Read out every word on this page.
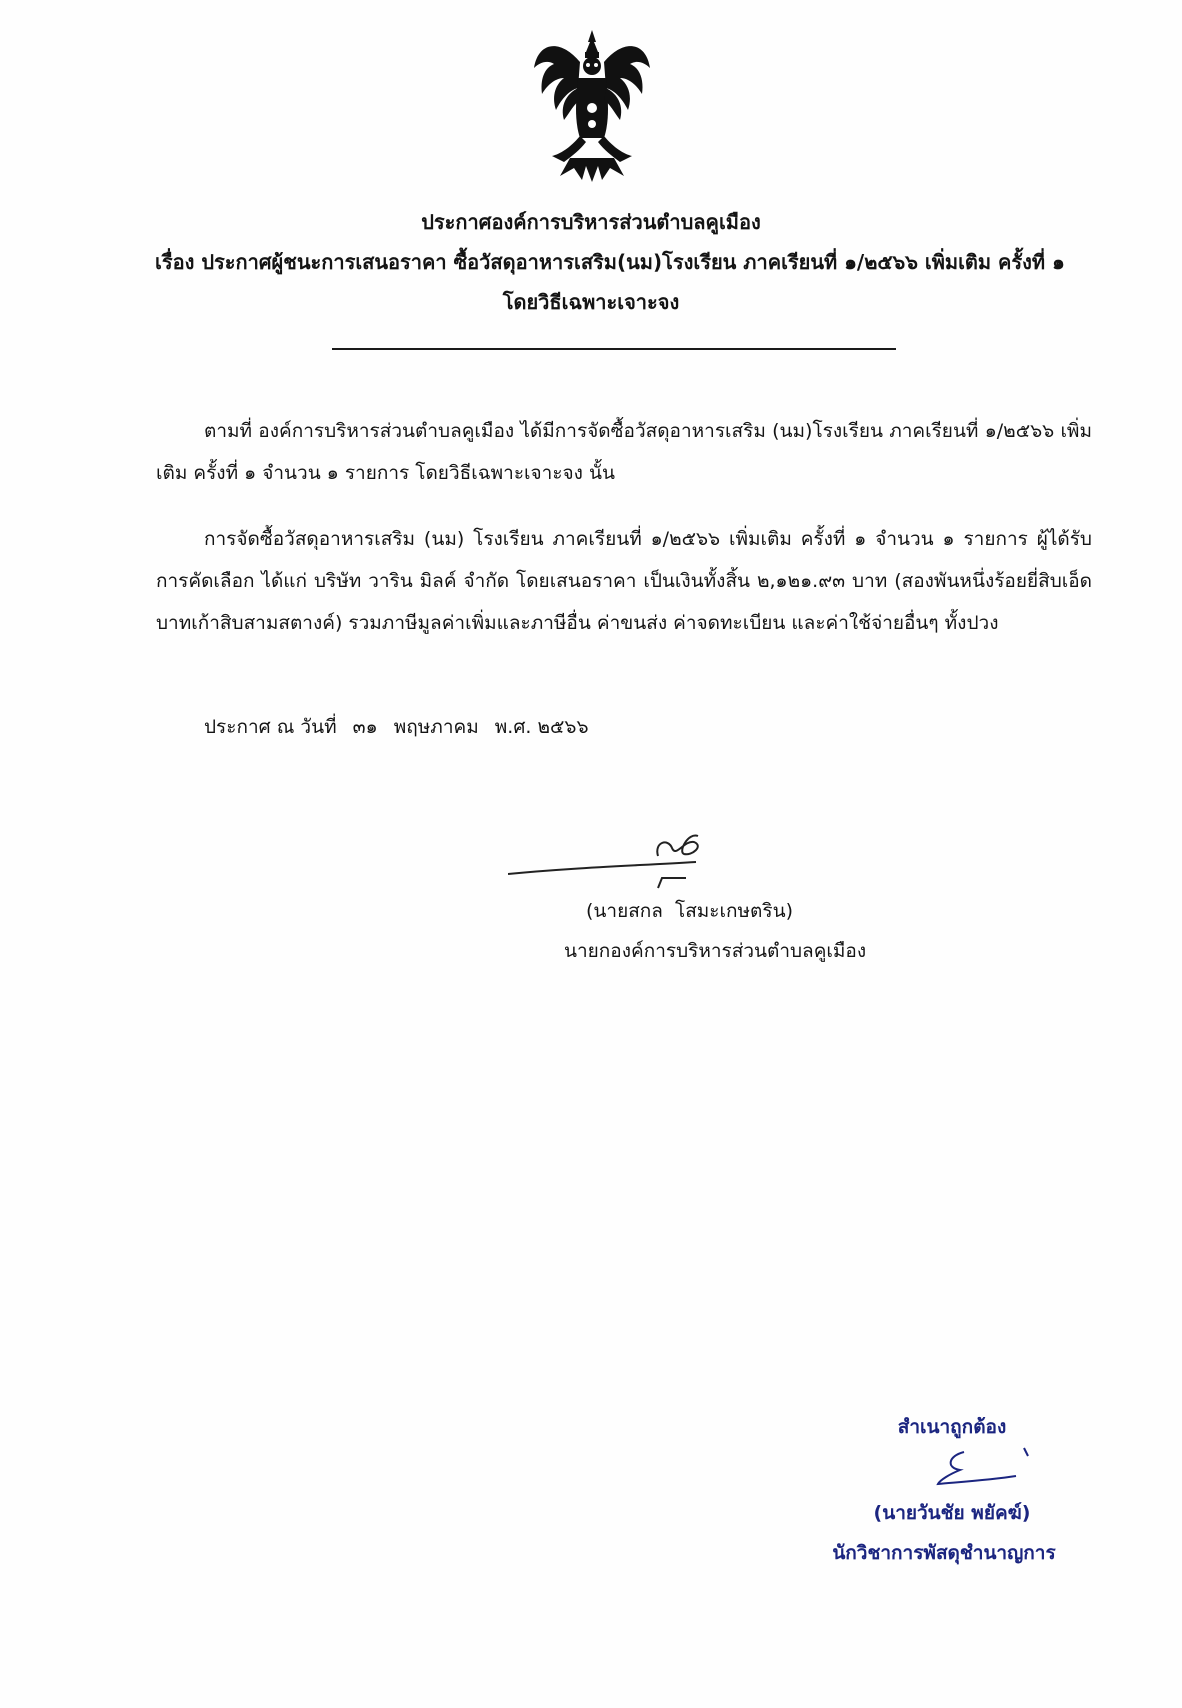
ประกาศองค์การบริหารส่วนตำบลคูเมือง
เรื่อง ประกาศผู้ชนะการเสนอราคา ซื้อวัสดุอาหารเสริม(นม)โรงเรียน ภาคเรียนที่ ๑/๒๕๖๖ เพิ่มเติม ครั้งที่ ๑
โดยวิธีเฉพาะเจาะจง
ตามที่ องค์การบริหารส่วนตำบลคูเมือง ได้มีการจัดซื้อวัสดุอาหารเสริม (นม)โรงเรียน ภาคเรียนที่ ๑/๒๕๖๖ เพิ่มเติม ครั้งที่ ๑ จำนวน ๑ รายการ โดยวิธีเฉพาะเจาะจง นั้น
การจัดซื้อวัสดุอาหารเสริม (นม) โรงเรียน ภาคเรียนที่ ๑/๒๕๖๖ เพิ่มเติม ครั้งที่ ๑ จำนวน ๑ รายการ ผู้ได้รับการคัดเลือก ได้แก่ บริษัท วาริน มิลค์ จำกัด โดยเสนอราคา เป็นเงินทั้งสิ้น ๒,๑๒๑.๙๓ บาท (สองพันหนึ่งร้อยยี่สิบเอ็ดบาทเก้าสิบสามสตางค์) รวมภาษีมูลค่าเพิ่มและภาษีอื่น ค่าขนส่ง ค่าจดทะเบียน และค่าใช้จ่ายอื่นๆ ทั้งปวง
ประกาศ ณ วันที่ ๓๑ พฤษภาคม พ.ศ. ๒๕๖๖
(นายสกล โสมะเกษตริน)
นายกองค์การบริหารส่วนตำบลคูเมือง
สำเนาถูกต้อง
(นายวันชัย พยัคฆ์)
นักวิชาการพัสดุชำนาญการ
